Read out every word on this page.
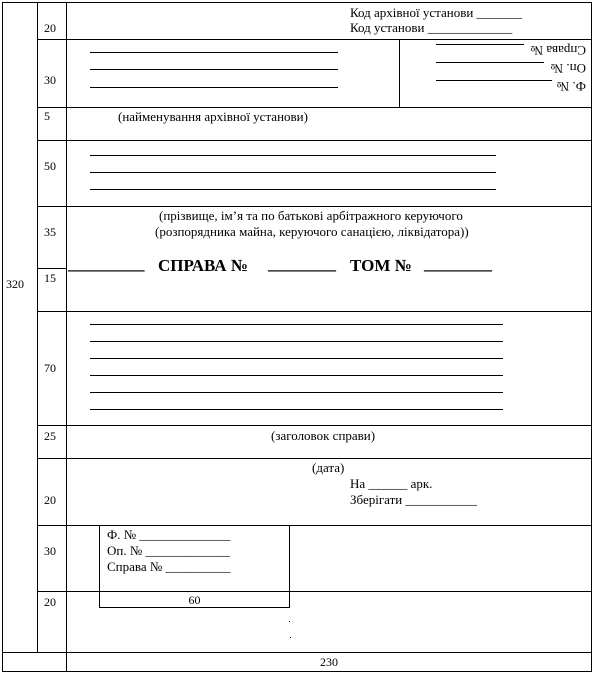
320
20
30
5
50
35
15
70
25
20
30
20
Код архівної установи _______
Код установи _____________
Справа №
Оп. №
Ф. №
(найменування архівної установи)
(прізвище, ім’я та по батькові арбітражного керуючого
(розпорядника майна, керуючого санацією, ліквідатора))
_________ СПРАВА № ________ ТОМ № ________
(заголовок справи)
(дата)
На ______ арк.
Зберігати ___________
Ф. № ______________
Оп. № _____________
Справа № __________
60
230
